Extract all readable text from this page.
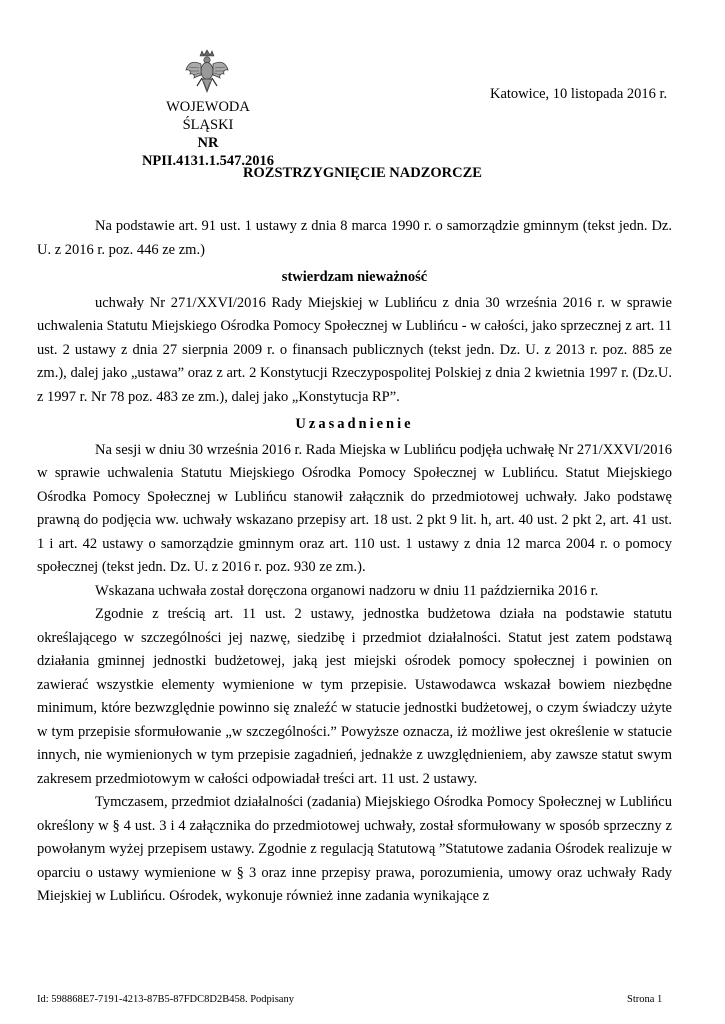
WOJEWODA ŚLĄSKI
NR NPII.4131.1.547.2016
Katowice, 10 listopada 2016 r.
ROZSTRZYGNIĘCIE NADZORCZE

Na podstawie art. 91 ust. 1 ustawy z dnia 8 marca 1990 r. o samorządzie gminnym (tekst jedn. Dz. U. z 2016 r. poz. 446 ze zm.)

stwierdzam nieważność

uchwały Nr 271/XXVI/2016 Rady Miejskiej w Lublińcu z dnia 30 września 2016 r. w sprawie uchwalenia Statutu Miejskiego Ośrodka Pomocy Społecznej w Lublińcu - w całości, jako sprzecznej z art. 11 ust. 2 ustawy z dnia 27 sierpnia 2009 r. o finansach publicznych (tekst jedn. Dz. U. z 2013 r. poz. 885 ze zm.), dalej jako „ustawa” oraz z art. 2 Konstytucji Rzeczypospolitej Polskiej z dnia 2 kwietnia 1997 r. (Dz.U. z 1997 r. Nr 78 poz. 483 ze zm.), dalej jako „Konstytucja RP”.

Uzasadnienie

Na sesji w dniu 30 września 2016 r. Rada Miejska w Lublińcu podjęła uchwałę Nr 271/XXVI/2016 w sprawie uchwalenia Statutu Miejskiego Ośrodka Pomocy Społecznej w Lublińcu. Statut Miejskiego Ośrodka Pomocy Społecznej w Lublińcu stanowił załącznik do przedmiotowej uchwały. Jako podstawę prawną do podjęcia ww. uchwały wskazano przepisy art. 18 ust. 2 pkt 9 lit. h, art. 40 ust. 2 pkt 2, art. 41 ust. 1 i art. 42 ustawy o samorządzie gminnym oraz art. 110 ust. 1 ustawy z dnia 12 marca 2004 r. o pomocy społecznej (tekst jedn. Dz. U. z 2016 r. poz. 930 ze zm.).

Wskazana uchwała został doręczona organowi nadzoru w dniu 11 października 2016 r.

Zgodnie z treścią art. 11 ust. 2 ustawy, jednostka budżetowa działa na podstawie statutu określającego w szczególności jej nazwę, siedzibę i przedmiot działalności. Statut jest zatem podstawą działania gminnej jednostki budżetowej, jaką jest miejski ośrodek pomocy społecznej i powinien on zawierać wszystkie elementy wymienione w tym przepisie. Ustawodawca wskazał bowiem niezbędne minimum, które bezwzględnie powinno się znaleźć w statucie jednostki budżetowej, o czym świadczy użyte w tym przepisie sformułowanie „w szczególności.” Powyższe oznacza, iż możliwe jest określenie w statucie innych, nie wymienionych w tym przepisie zagadnień, jednakże z uwzględnieniem, aby zawsze statut swym zakresem przedmiotowym w całości odpowiadał treści art. 11 ust. 2 ustawy.

Tymczasem, przedmiot działalności (zadania) Miejskiego Ośrodka Pomocy Społecznej w Lublińcu określony w § 4 ust. 3 i 4 załącznika do przedmiotowej uchwały, został sformułowany w sposób sprzeczny z powołanym wyżej przepisem ustawy. Zgodnie z regulacją Statutową ”Statutowe zadania Ośrodek realizuje w oparciu o ustawy wymienione w § 3 oraz inne przepisy prawa, porozumienia, umowy oraz uchwały Rady Miejskiej w Lublińcu. Ośrodek, wykonuje również inne zadania wynikające z

Id: 598868E7-7191-4213-87B5-87FDC8D2B458. Podpisany	Strona 1
